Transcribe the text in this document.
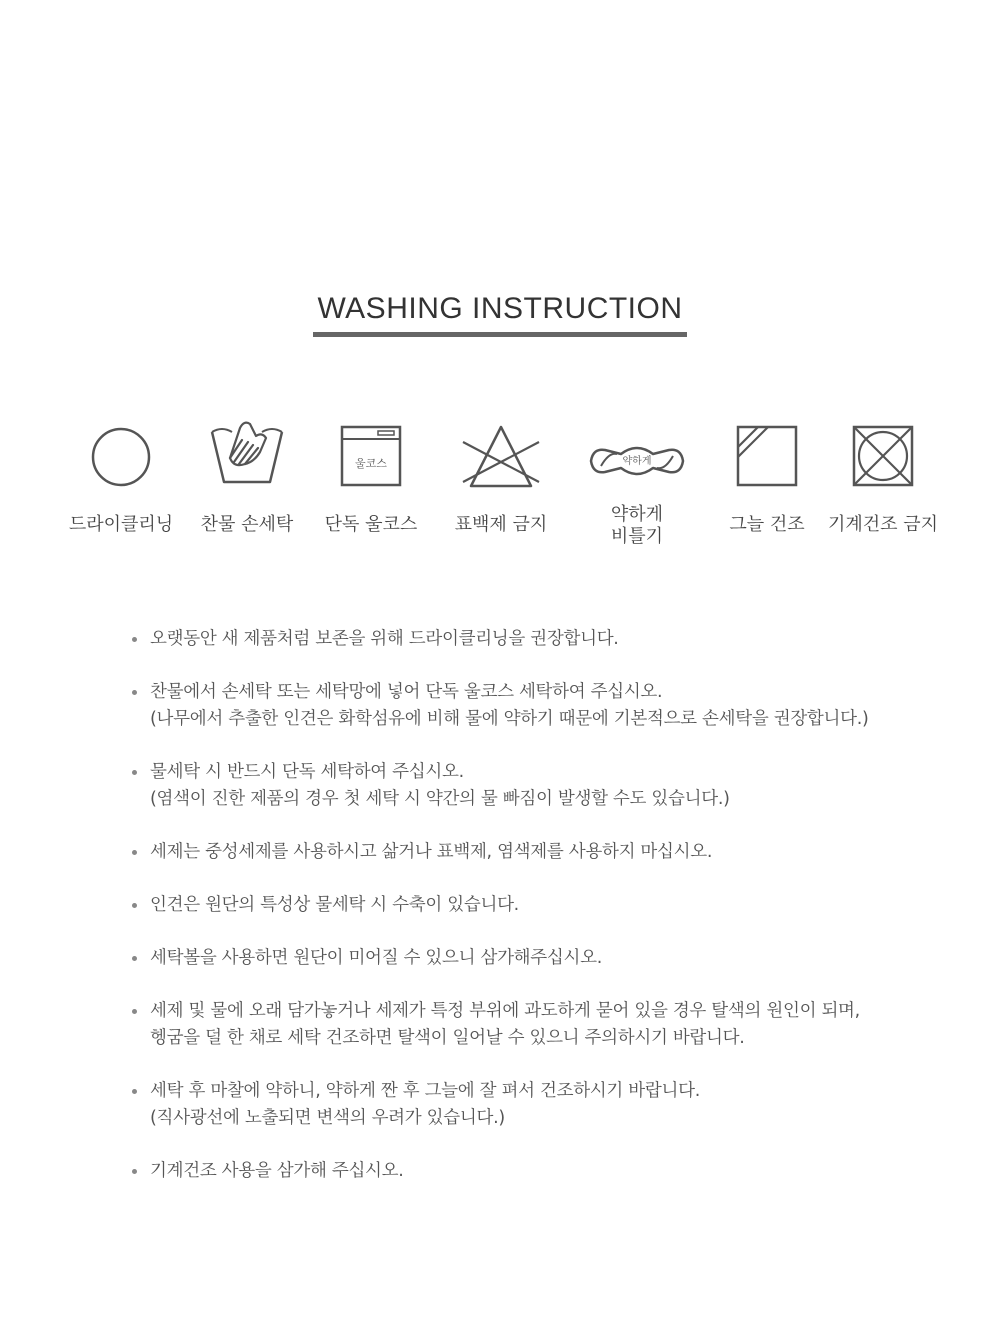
WASHING INSTRUCTION
드라이클리닝	찬물 손세탁
울코스
단독 울코스	표백제 금지
약하게
약하게
비틀기
그늘 건조	기계건조 금지
오랫동안 새 제품처럼 보존을 위해 드라이클리닝을 권장합니다.
찬물에서 손세탁 또는 세탁망에 넣어 단독 울코스 세탁하여 주십시오.
(나무에서 추출한 인견은 화학섬유에 비해 물에 약하기 때문에 기본적으로 손세탁을 권장합니다.)
물세탁 시 반드시 단독 세탁하여 주십시오.
(염색이 진한 제품의 경우 첫 세탁 시 약간의 물 빠짐이 발생할 수도 있습니다.)
세제는 중성세제를 사용하시고 삶거나 표백제, 염색제를 사용하지 마십시오.
인견은 원단의 특성상 물세탁 시 수축이 있습니다.
세탁볼을 사용하면 원단이 미어질 수 있으니 삼가해주십시오.
세제 및 물에 오래 담가놓거나 세제가 특정 부위에 과도하게 묻어 있을 경우 탈색의 원인이 되며,
헹굼을 덜 한 채로 세탁 건조하면 탈색이 일어날 수 있으니 주의하시기 바랍니다.
세탁 후 마찰에 약하니, 약하게 짠 후 그늘에 잘 펴서 건조하시기 바랍니다.
(직사광선에 노출되면 변색의 우려가 있습니다.)
기계건조 사용을 삼가해 주십시오.
